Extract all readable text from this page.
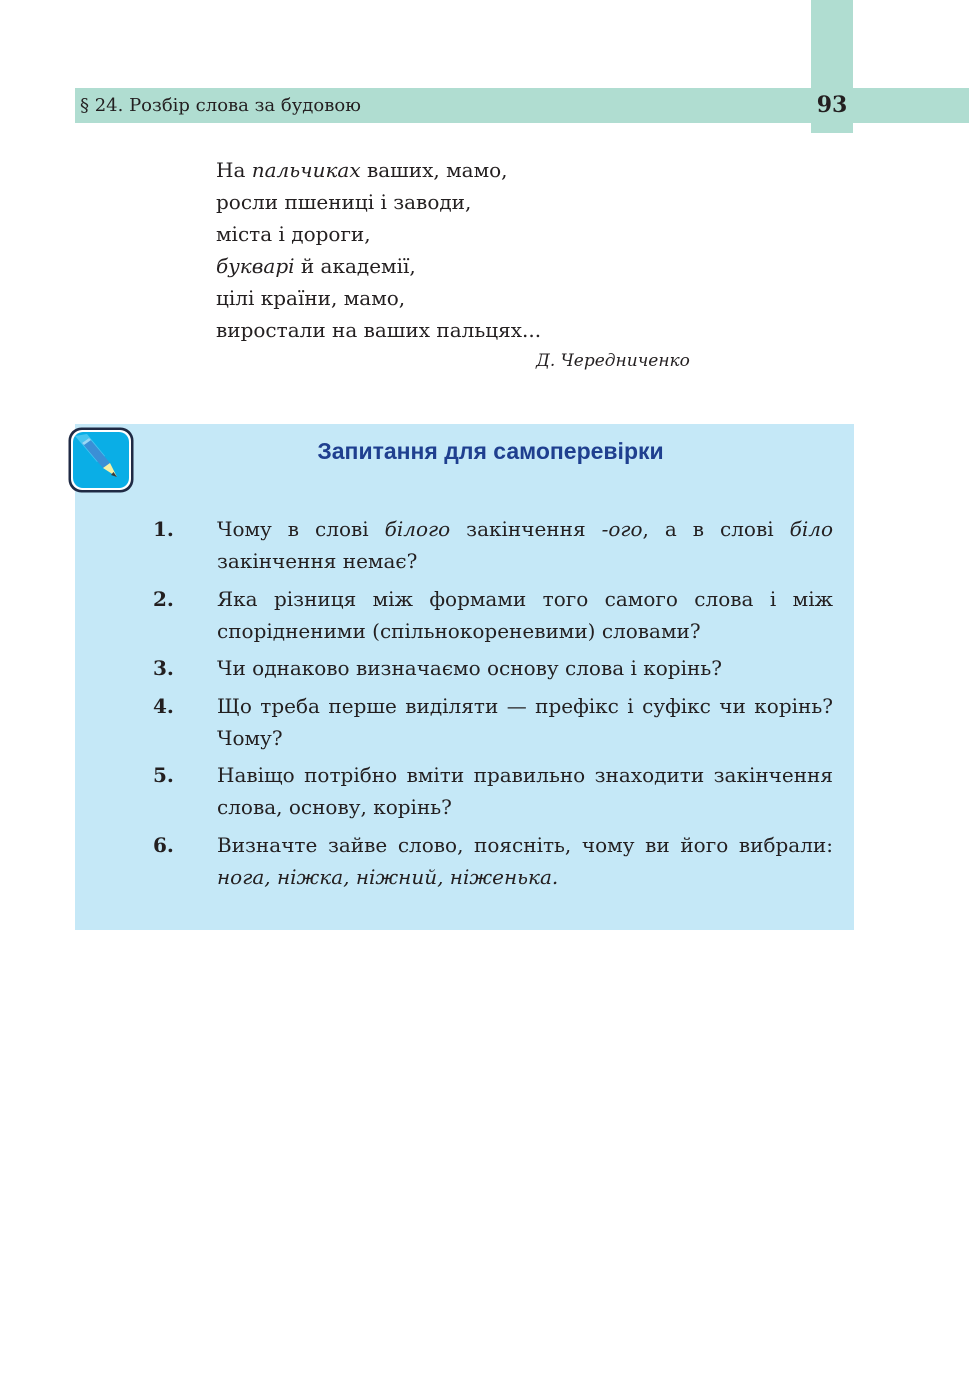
§ 24. Розбір слова за будовою	93
На пальчиках ваших, мамо,
росли пшениці і заводи,
міста і дороги,
букварі й академії,
цілі країни, мамо,
виростали на ваших пальцях...
Д. Чередниченко
Запитання для самоперевірки
1. Чому в слові білого закінчення -ого, а в слові біло закінчення немає?
2. Яка різниця між формами того самого слова і між спорідненими (спільнокореневими) словами?
3. Чи однаково визначаємо основу слова і корінь?
4. Що треба перше виділяти — префікс і суфікс чи корінь? Чому?
5. Навіщо потрібно вміти правильно знаходити закінчення слова, основу, корінь?
6. Визначте зайве слово, поясніть, чому ви його вибрали: нога, ніжка, ніжний, ніженька.
